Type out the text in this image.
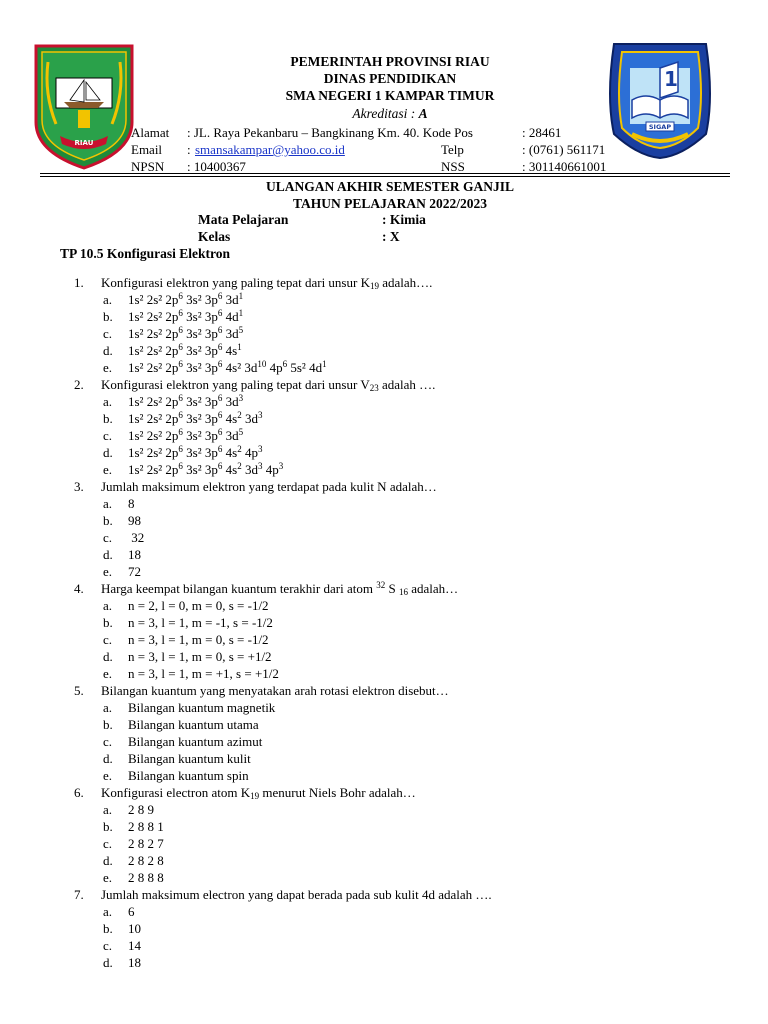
RIAU
1
SIGAP
PEMERINTAH PROVINSI RIAU
DINAS PENDIDIKAN
SMA NEGERI 1 KAMPAR TIMUR
Akreditasi : A
Alamat : JL. Raya Pekanbaru – Bangkinang Km. 40. Kode Pos	: 28461
Email : smansakampar@yahoo.co.id	Telp	: (0761) 561171
NPSN : 10400367	NSS	: 301140661001
ULANGAN AKHIR SEMESTER GANJIL
TAHUN PELAJARAN 2022/2023
Mata Pelajaran	: Kimia
Kelas	: X
TP 10.5 Konfigurasi Elektron
1. Konfigurasi elektron yang paling tepat dari unsur $K_{19}$ adalah….
a. 1s² 2s² $2p^6$ 3s² $3p^6$ $3d^1$
b. 1s² 2s² $2p^6$ 3s² $3p^6$ $4d^1$
c. 1s² 2s² $2p^6$ 3s² $3p^6$ $3d^5$
d. 1s² 2s² $2p^6$ 3s² $3p^6$ $4s^1$
e. 1s² 2s² $2p^6$ 3s² $3p^6$ 4s² $3d^{10}$ $4p^6$ 5s² $4d^1$
2. Konfigurasi elektron yang paling tepat dari unsur $V_{23}$ adalah ….
a. 1s² 2s² $2p^6$ 3s² $3p^6$ $3d^3$
b. 1s² 2s² $2p^6$ 3s² $3p^6$ $4s^2$ $3d^3$
c. 1s² 2s² $2p^6$ 3s² $3p^6$ $3d^5$
d. 1s² 2s² $2p^6$ 3s² $3p^6$ $4s^2$ $4p^3$
e. 1s² 2s² $2p^6$ 3s² $3p^6$ $4s^2$ $3d^3$ $4p^3$
3. Jumlah maksimum elektron yang terdapat pada kulit N adalah…
a. 8
b. 98
c. 32
d. 18
e. 72
4. Harga keempat bilangan kuantum terakhir dari atom $^{32}$ S $_{16}$ adalah…
a. n = 2, l = 0, m = 0, s = -1/2
b. n = 3, l = 1, m = -1, s = -1/2
c. n = 3, l = 1, m = 0, s = -1/2
d. n = 3, l = 1, m = 0, s = +1/2
e. n = 3, l = 1, m = +1, s = +1/2
5. Bilangan kuantum yang menyatakan arah rotasi elektron disebut…
a. Bilangan kuantum magnetik
b. Bilangan kuantum utama
c. Bilangan kuantum azimut
d. Bilangan kuantum kulit
e. Bilangan kuantum spin
6. Konfigurasi electron atom $K_{19}$ menurut Niels Bohr adalah…
a. 2 8 9
b. 2 8 8 1
c. 2 8 2 7
d. 2 8 2 8
e. 2 8 8 8
7. Jumlah maksimum electron yang dapat berada pada sub kulit 4d adalah ….
a. 6
b. 10
c. 14
d. 18
